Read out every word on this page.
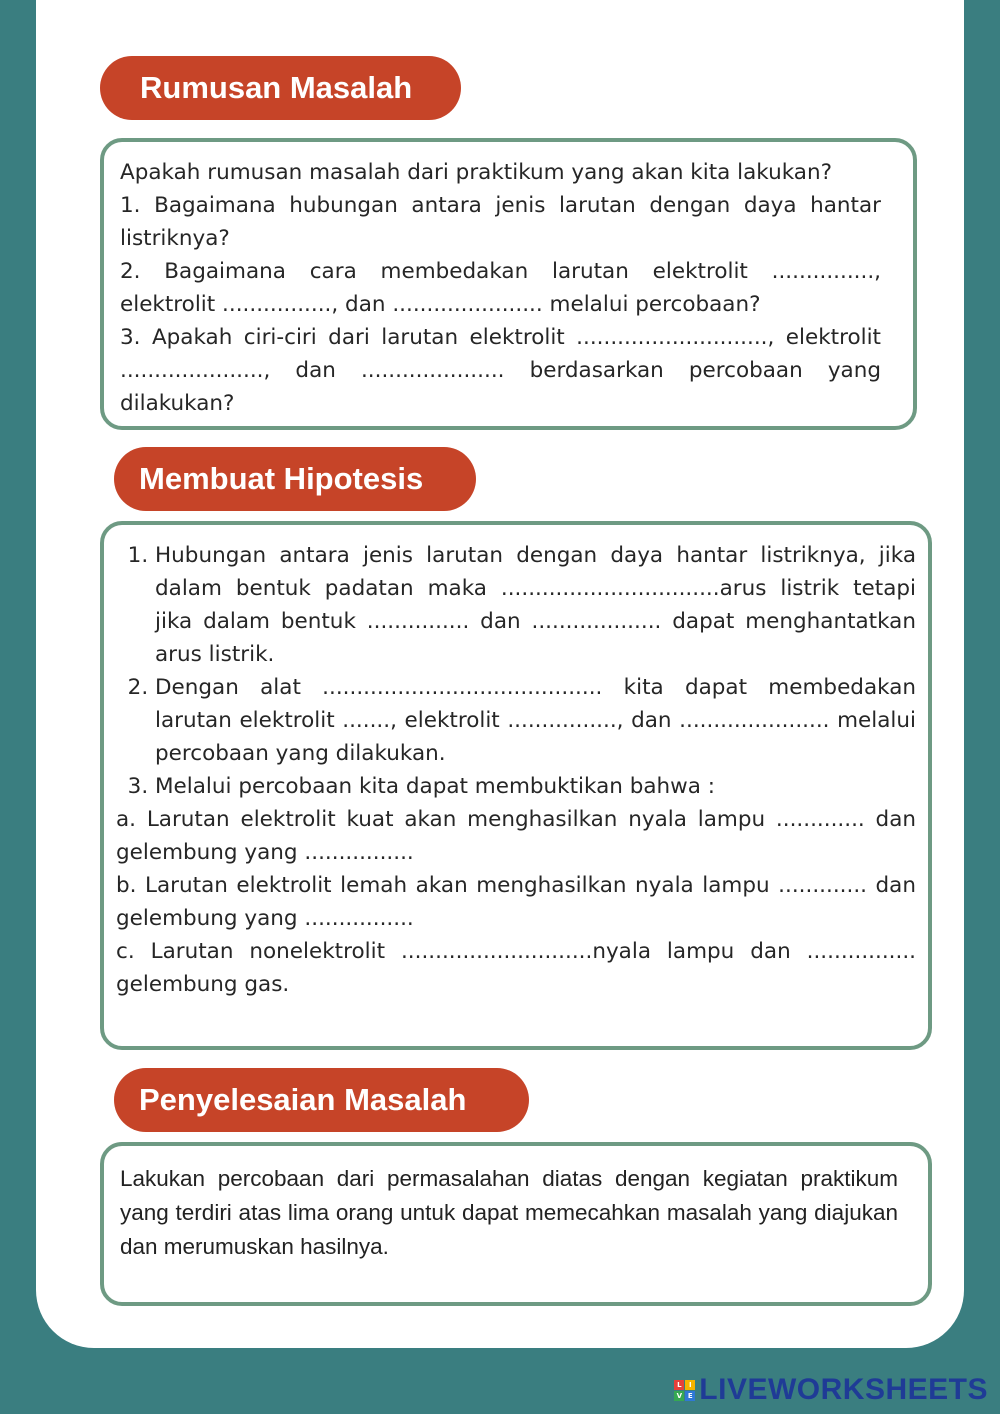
Rumusan Masalah

Apakah rumusan masalah dari praktikum yang akan kita lakukan?

1. Bagaimana hubungan antara jenis larutan dengan daya hantar listriknya?

2. Bagaimana cara membedakan larutan elektrolit ..............., elektrolit ................, dan ...................... melalui percobaan?

3. Apakah ciri-ciri dari larutan elektrolit ............................, elektrolit ....................., dan ..................... berdasarkan percobaan yang dilakukan?

Membuat Hipotesis
1. Hubungan antara jenis larutan dengan daya hantar listriknya, jika dalam bentuk padatan maka ................................arus listrik tetapi jika dalam bentuk ............... dan ................... dapat menghantatkan arus listrik.
2. Dengan alat ......................................... kita dapat membedakan larutan elektrolit ......., elektrolit ................, dan ...................... melalui percobaan yang dilakukan.
3. Melalui percobaan kita dapat membuktikan bahwa :

a. Larutan elektrolit kuat akan menghasilkan nyala lampu ............. dan gelembung yang ................

b. Larutan elektrolit lemah akan menghasilkan nyala lampu ............. dan gelembung yang ................

c. Larutan nonelektrolit ............................nyala lampu dan ................ gelembung gas.

Penyelesaian Masalah

Lakukan percobaan dari permasalahan diatas dengan kegiatan praktikum yang terdiri atas lima orang untuk dapat memecahkan masalah yang diajukan dan merumuskan hasilnya.

L	I
V E LIVEWORKSHEETS
